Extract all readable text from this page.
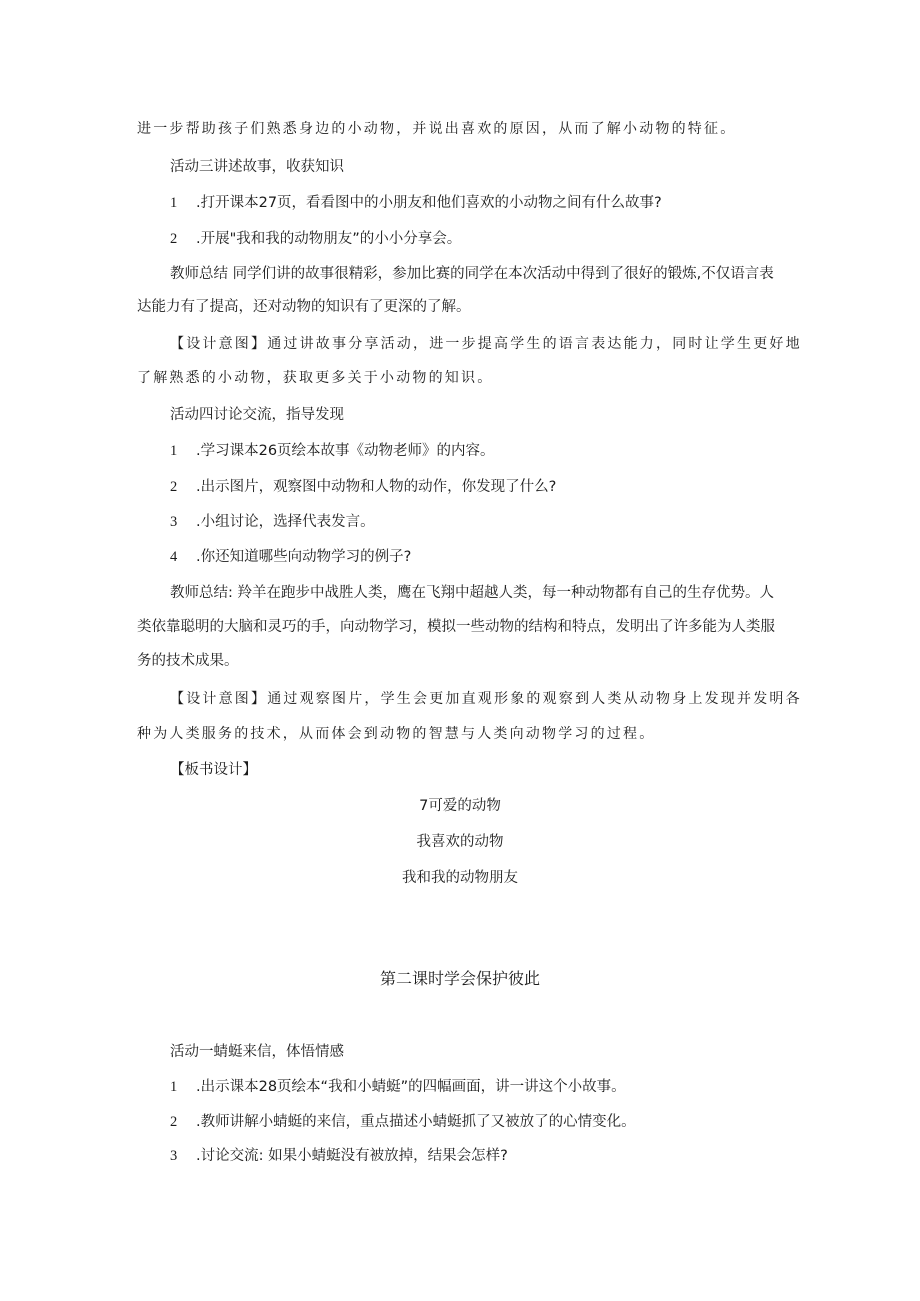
进一步帮助孩子们熟悉身边的小动物，并说出喜欢的原因，从而了解小动物的特征。
活动三讲述故事，收获知识
1 .打开课本27页，看看图中的小朋友和他们喜欢的小动物之间有什么故事?
2 .开展"我和我的动物朋友”的小小分享会。
教师总结 同学们讲的故事很精彩，参加比赛的同学在本次活动中得到了很好的锻炼,不仅语言表
达能力有了提高，还对动物的知识有了更深的了解。
【设计意图】通过讲故事分享活动，进一步提高学生的语言表达能力，同时让学生更好地
了解熟悉的小动物，获取更多关于小动物的知识。
活动四讨论交流，指导发现
1 .学习课本26页绘本故事《动物老师》的内容。
2 .出示图片，观察图中动物和人物的动作，你发现了什么?
3 .小组讨论，选择代表发言。
4 .你还知道哪些向动物学习的例子?
教师总结: 羚羊在跑步中战胜人类，鹰在飞翔中超越人类，每一种动物都有自己的生存优势。人
类依靠聪明的大脑和灵巧的手，向动物学习，模拟一些动物的结构和特点，发明出了许多能为人类服
务的技术成果。
【设计意图】通过观察图片，学生会更加直观形象的观察到人类从动物身上发现并发明各
种为人类服务的技术，从而体会到动物的智慧与人类向动物学习的过程。
【板书设计】
7可爱的动物
我喜欢的动物
我和我的动物朋友
第二课时学会保护彼此
活动一蜻蜓来信，体悟情感
1 .出示课本28页绘本“我和小蜻蜓”的四幅画面，讲一讲这个小故事。
2 .教师讲解小蜻蜓的来信，重点描述小蜻蜓抓了又被放了的心情变化。
3 .讨论交流: 如果小蜻蜓没有被放掉，结果会怎样?
